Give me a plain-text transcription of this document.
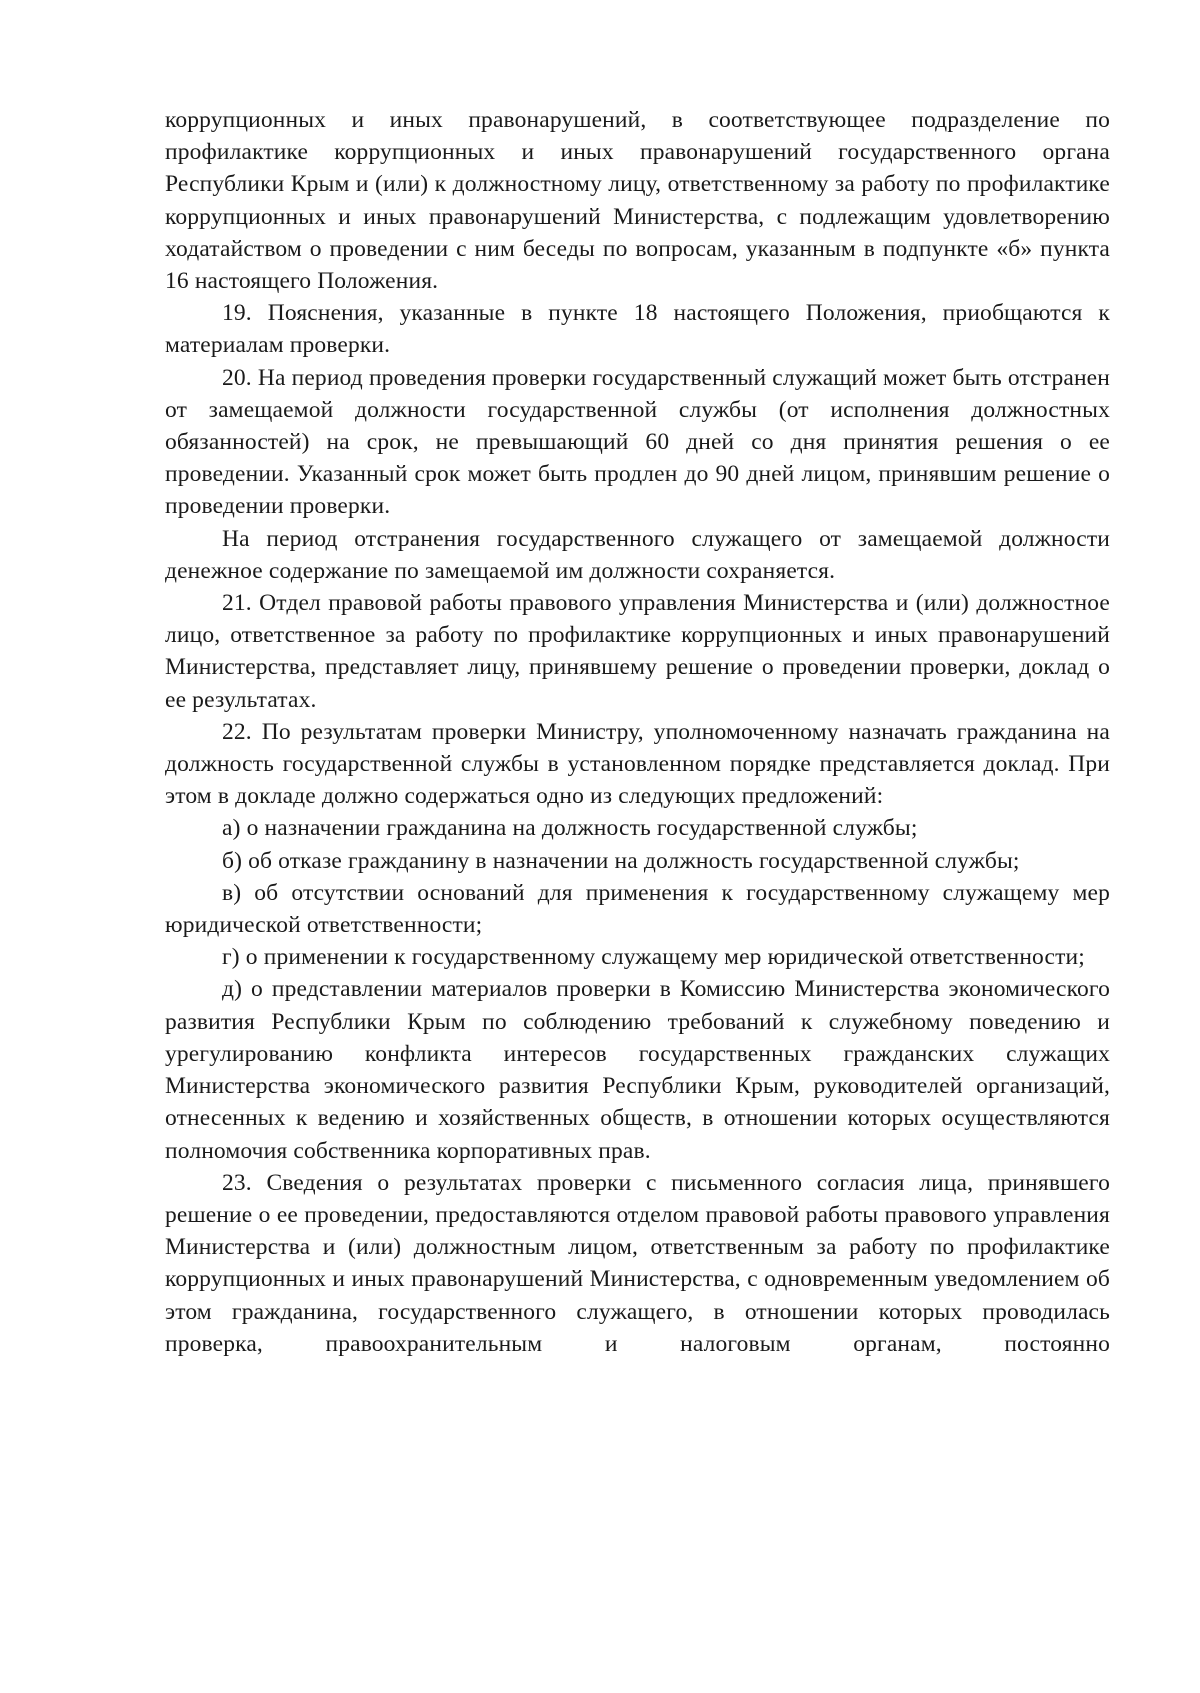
коррупционных и иных правонарушений, в соответствующее подразделение по профилактике коррупционных и иных правонарушений государственного органа Республики Крым и (или) к должностному лицу, ответственному за работу по профилактике коррупционных и иных правонарушений Министерства, с подлежащим удовлетворению ходатайством о проведении с ним беседы по вопросам, указанным в подпункте «б» пункта 16 настоящего Положения.

19. Пояснения, указанные в пункте 18 настоящего Положения, приобщаются к материалам проверки.

20. На период проведения проверки государственный служащий может быть отстранен от замещаемой должности государственной службы (от исполнения должностных обязанностей) на срок, не превышающий 60 дней со дня принятия решения о ее проведении. Указанный срок может быть продлен до 90 дней лицом, принявшим решение о проведении проверки.

На период отстранения государственного служащего от замещаемой должности денежное содержание по замещаемой им должности сохраняется.

21. Отдел правовой работы правового управления Министерства и (или) должностное лицо, ответственное за работу по профилактике коррупционных и иных правонарушений Министерства, представляет лицу, принявшему решение о проведении проверки, доклад о ее результатах.

22. По результатам проверки Министру, уполномоченному назначать гражданина на должность государственной службы в установленном порядке представляется доклад. При этом в докладе должно содержаться одно из следующих предложений:

а) о назначении гражданина на должность государственной службы;

б) об отказе гражданину в назначении на должность государственной службы;

в) об отсутствии оснований для применения к государственному служащему мер юридической ответственности;

г) о применении к государственному служащему мер юридической ответственности;

д) о представлении материалов проверки в Комиссию Министерства экономического развития Республики Крым по соблюдению требований к служебному поведению и урегулированию конфликта интересов государственных гражданских служащих Министерства экономического развития Республики Крым, руководителей организаций, отнесенных к ведению и хозяйственных обществ, в отношении которых осуществляются полномочия собственника корпоративных прав.

23. Сведения о результатах проверки с письменного согласия лица, принявшего решение о ее проведении, предоставляются отделом правовой работы правового управления Министерства и (или) должностным лицом, ответственным за работу по профилактике коррупционных и иных правонарушений Министерства, с одновременным уведомлением об этом гражданина, государственного служащего, в отношении которых проводилась проверка, правоохранительным и налоговым органам, постоянно
